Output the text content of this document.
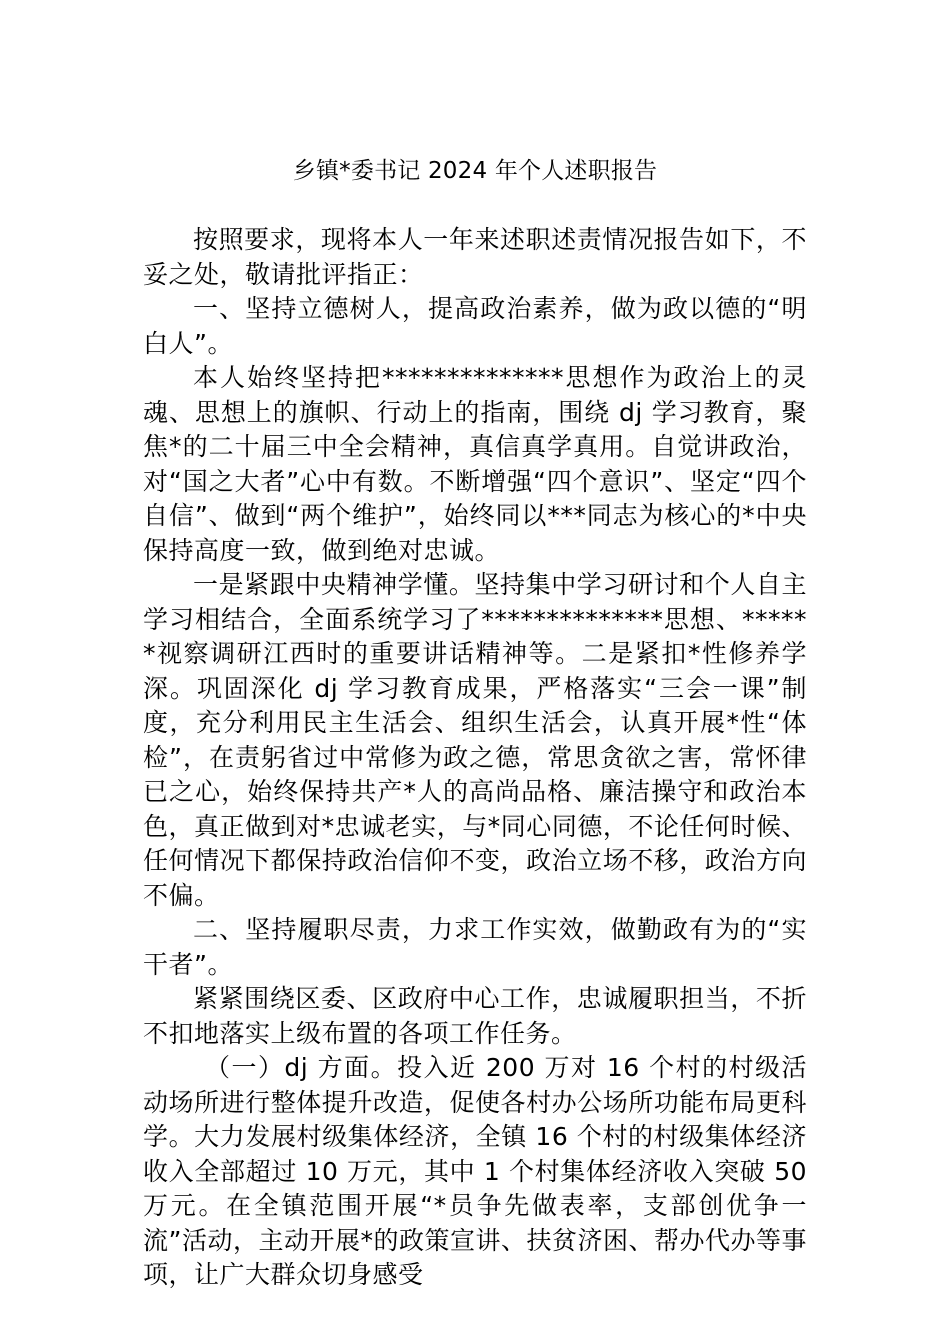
乡镇*委书记 2024 年个人述职报告

按照要求，现将本人一年来述职述责情况报告如下，不妥之处，敬请批评指正：

一、坚持立德树人，提高政治素养，做为政以德的“明白人”。

本人始终坚持把**************思想作为政治上的灵魂、思想上的旗帜、行动上的指南，围绕 dj 学习教育，聚焦*的二十届三中全会精神，真信真学真用。自觉讲政治，对“国之大者”心中有数。不断增强“四个意识”、坚定“四个自信”、做到“两个维护”，始终同以***同志为核心的*中央保持高度一致，做到绝对忠诚。

一是紧跟中央精神学懂。坚持集中学习研讨和个人自主学习相结合，全面系统学习了**************思想、******视察调研江西时的重要讲话精神等。二是紧扣*性修养学深。巩固深化 dj 学习教育成果，严格落实“三会一课”制度，充分利用民主生活会、组织生活会，认真开展*性“体检”，在责躬省过中常修为政之德，常思贪欲之害，常怀律已之心，始终保持共产*人的高尚品格、廉洁操守和政治本色，真正做到对*忠诚老实，与*同心同德，不论任何时候、任何情况下都保持政治信仰不变，政治立场不移，政治方向不偏。

二、坚持履职尽责，力求工作实效，做勤政有为的“实干者”。

紧紧围绕区委、区政府中心工作，忠诚履职担当，不折不扣地落实上级布置的各项工作任务。

（一）dj 方面。投入近 200 万对 16 个村的村级活动场所进行整体提升改造，促使各村办公场所功能布局更科学。大力发展村级集体经济，全镇 16 个村的村级集体经济收入全部超过 10 万元，其中 1 个村集体经济收入突破 50 万元。在全镇范围开展“*员争先做表率，支部创优争一流”活动，主动开展*的政策宣讲、扶贫济困、帮办代办等事项，让广大群众切身感受
